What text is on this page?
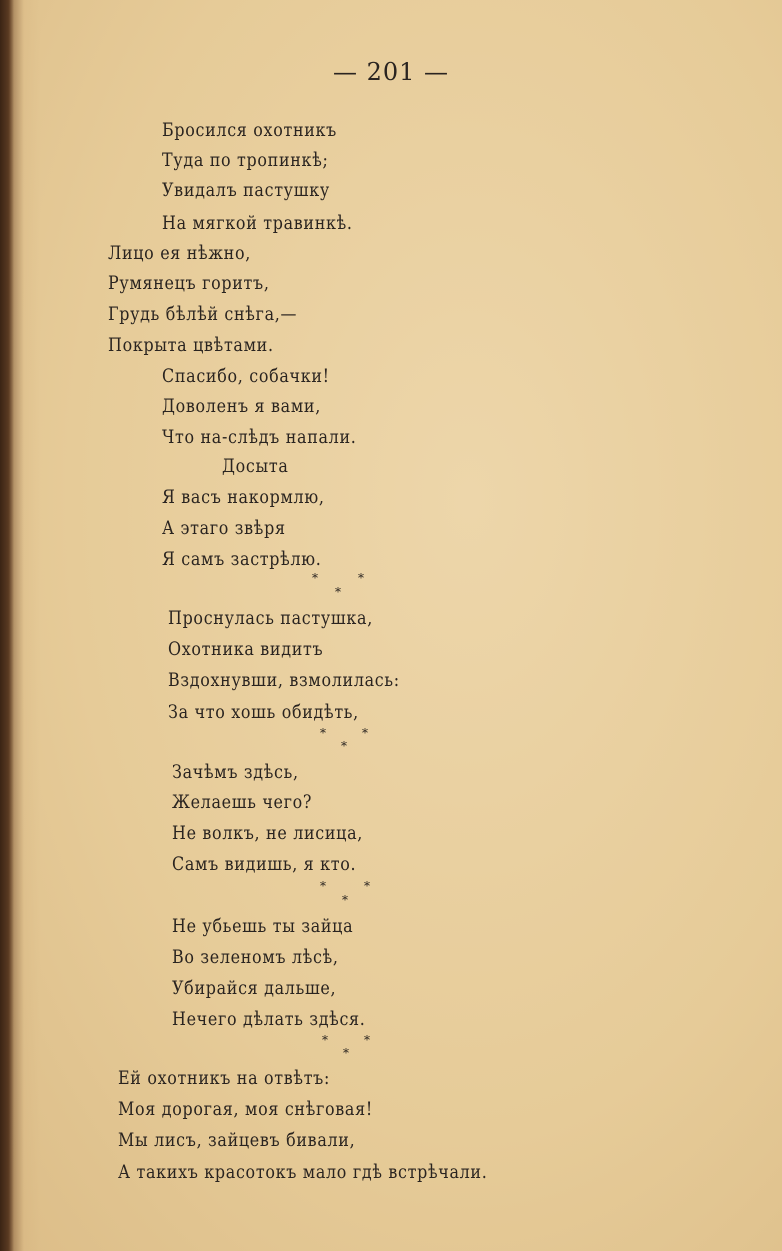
— 201 —
Бросился охотникъ
Туда по тропинкѣ;
Увидалъ пастушку
На мягкой травинкѣ.
Лицо ея нѣжно,
Румянецъ горитъ,
Грудь бѣлѣй снѣга,—
Покрыта цвѣтами.
Спасибо, собачки!
Доволенъ я вами,
Что на-слѣдъ напали.
Досыта
Я васъ накормлю,
А этаго звѣря
Я самъ застрѣлю.
*	*
*
Проснулась пастушка,
Охотника видитъ
Вздохнувши, взмолилась:
За что хошь обидѣть,
*	*
*
Зачѣмъ здѣсь,
Желаешь чего?
Не волкъ, не лисица,
Самъ видишь, я кто.
*	*
*
Не убьешь ты зайца
Во зеленомъ лѣсѣ,
Убирайся дальше,
Нечего дѣлать здѣся.
*	*
*
Ей охотникъ на отвѣтъ:
Моя дорогая, моя снѣговая!
Мы лисъ, зайцевъ бивали,
А такихъ красотокъ мало гдѣ встрѣчали.
